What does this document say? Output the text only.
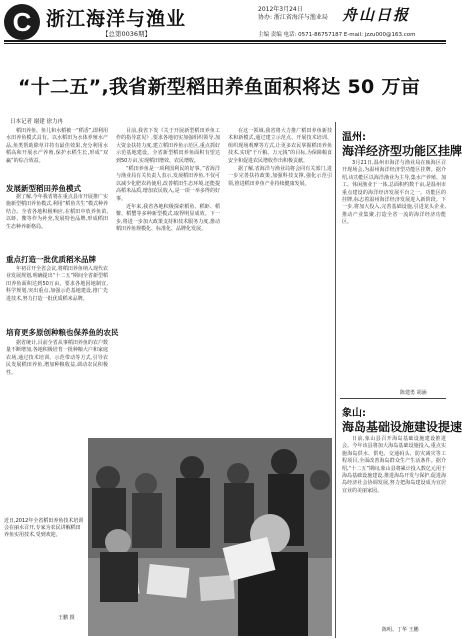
C 浙江海洋与渔业
【总第0036期】
2012年3月24日
协办: 浙江省海洋与渔业局 舟山日报
主编 责编 电话: 0571-86757187 E-mail: jzzu000@163.com
“十二五”,我省新型稻田养鱼面积将达 50 万亩
日本记者 谢建 徐力冉

稻田养鱼、鱼儿和水稻被一“稻香”,即利用水田养鱼模式具有。以水稻田为水体养殖水产品,鱼类帮助除草并持有最佳效果,充分利用水稻高和开展水产养殖,保护水稻生长,形成“双赢”的综合效益。

发展新型稻田养鱼模式

据了解,今年我省将在重点县市开展推广实施新型稻田养鱼模式,利用“稻鱼共生”模式种养结合。全省各地积极响应,在稻田中放养鱼苗,以虾、鳖等作为补充,发展特色品牌,形成稻田生态种养新格局。

重点打造一批优质稻米品牌

年初召开全省会议,将稻田养鱼纳入现代农业发展规划,明确提出“十二五”期间全省新型稻田养鱼面积达到50万亩。要求各地因地制宜,科学规划,突出重点,加强示范基地建设,推广先进技术,努力打造一批优质稻米品牌。

培育更多原创种粮也保养鱼的农民

据省统计,目前全省从事稻田养鱼的农户数量不断增加,各地积极培育一批种粮大户和家庭农场,通过技术培训、示范带动等方式,引导农民发展稻田养鱼,增加种粮收益,调动农民积极性。

目前,我省下发《关于开展新型稻田养鱼工作的指导意见》,要求各地切实加强组织领导,加大资金扶持力度,建立稻田养鱼示范区,重点抓好示范基地建设。全省新型稻田养鱼面积有望达到50万亩,实现稻田增效、农民增收。

“稻田养鱼是一项利国利民的好事。”省海洋与渔业局有关负责人表示,发展稻田养鱼,不仅可以减少化肥农药使用,改善稻田生态环境,还能提高稻米品质,增加农民收入,是一项一举多得的好事。

近年来,我省各地积极探索稻鱼、稻虾、稻鳖、稻蟹等多种新型模式,取得明显成效。下一步,将进一步加大政策支持和技术服务力度,推动稻田养鱼规模化、标准化、品牌化发展。

在这一领域,我省将大力推广稻田养鱼新技术和新模式,通过建立示范点、开展技术培训、组织现场观摩等方式,让更多农民掌握稻田养鱼技术,实现“千斤粮、万元钱”的目标,为保障粮食安全和促进农民增收作出积极贡献。

据了解,省海洋与渔业局将会同有关部门,进一步完善扶持政策,加强科技支撑,强化示范引领,推进稻田养鱼产业持续健康发展。

温州:
海洋经济型功能区挂牌

3月21日,温州市海洋与渔业局在瓯海区召开现场会,为温州海洋经济型功能区挂牌。据介绍,该功能区以海洋渔业为主导,集水产养殖、加工、休闲渔业于一体,总面积约数千亩,是温州市重点建设的海洋经济发展平台之一。功能区的挂牌,标志着温州海洋经济发展进入新阶段。下一步,将加大投入,完善基础设施,引进龙头企业,推动产业集聚,打造全省一流的海洋经济功能区。

陈建勇 胡涵
象山:
海岛基础设施建设提速

日前,象山县召开海岛基础设施建设推进会。今年该县将加大海岛基础设施投入,重点实施海岛供水、供电、交通码头、防灾减灾等工程项目,全面改善海岛群众生产生活条件。据介绍,“十二五”期间,象山县将累计投入数亿元用于海岛基础设施建设,推进海岛开发与保护,促进海岛经济社会协调发展,努力把海岛建设成为宜居宜业的美丽家园。

陈明、丁华 王鹏
近日,2012年全省稻田养鱼技术培训会在丽水召开,专家为农民讲解稻田养鱼实用技术,受到欢迎。
王鹏 摄
